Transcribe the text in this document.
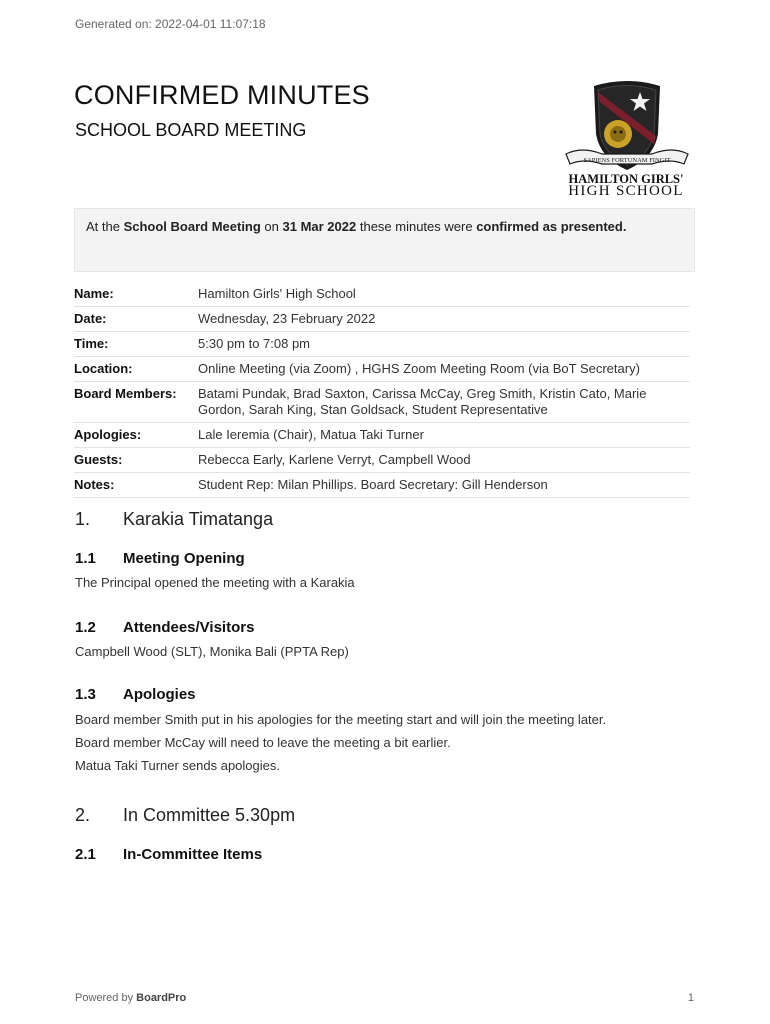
Generated on: 2022-04-01 11:07:18
CONFIRMED MINUTES
SCHOOL BOARD MEETING
SAPIENS FORTUNAM FINGIT
HAMILTON GIRLS'
HIGH SCHOOL
At the School Board Meeting on 31 Mar 2022 these minutes were confirmed as presented.
Name:	Hamilton Girls' High School
Date:	Wednesday, 23 February 2022
Time:	5:30 pm to 7:08 pm
Location:	Online Meeting (via Zoom) , HGHS Zoom Meeting Room (via BoT Secretary)
Board Members:	Batami Pundak, Brad Saxton, Carissa McCay, Greg Smith, Kristin Cato, Marie Gordon, Sarah King, Stan Goldsack, Student Representative
Apologies:	Lale Ieremia (Chair), Matua Taki Turner
Guests:	Rebecca Early, Karlene Verryt, Campbell Wood
Notes:	Student Rep: Milan Phillips. Board Secretary: Gill Henderson
1. Karakia Timatanga
1.1 Meeting Opening
The Principal opened the meeting with a Karakia
1.2 Attendees/Visitors
Campbell Wood (SLT), Monika Bali (PPTA Rep)
1.3 Apologies
Board member Smith put in his apologies for the meeting start and will join the meeting later.
Board member McCay will need to leave the meeting a bit earlier.
Matua Taki Turner sends apologies.
2. In Committee 5.30pm
2.1 In-Committee Items
Powered by BoardPro	1
